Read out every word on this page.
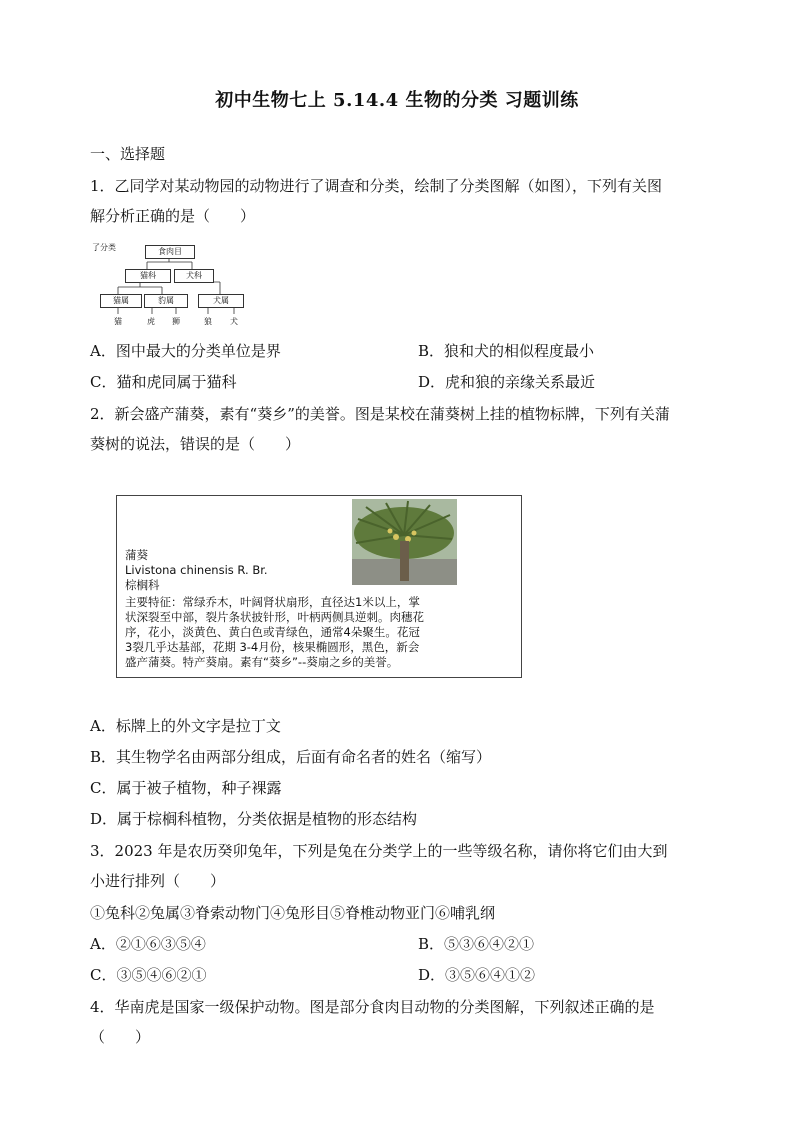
初中生物七上 5.14.4 生物的分类 习题训练
一、选择题
1．乙同学对某动物园的动物进行了调查和分类，绘制了分类图解（如图），下列有关图
解分析正确的是（　　）
了分类	食肉目
猫科	犬科
猫属	豹属	犬属
猫	虎 狮	狼 犬
A．图中最大的分类单位是界	B．狼和犬的相似程度最小
C．猫和虎同属于猫科	D．虎和狼的亲缘关系最近
2．新会盛产蒲葵，素有“葵乡”的美誉。图是某校在蒲葵树上挂的植物标牌，下列有关蒲
葵树的说法，错误的是（　　）
蒲葵
Livistona chinensis R. Br.
棕榈科
主要特征：常绿乔木，叶阔肾状扇形，直径达1米以上，掌
状深裂至中部，裂片条状披针形，叶柄两侧具逆刺。肉穗花
序，花小，淡黄色、黄白色或青绿色，通常4朵聚生。花冠
3裂几乎达基部，花期 3-4月份，核果椭圆形，黑色，新会
盛产蒲葵。特产葵扇。素有“葵乡”--葵扇之乡的美誉。
A．标牌上的外文字是拉丁文
B．其生物学名由两部分组成，后面有命名者的姓名（缩写）
C．属于被子植物，种子裸露
D．属于棕榈科植物，分类依据是植物的形态结构
3．2023 年是农历癸卯兔年，下列是兔在分类学上的一些等级名称，请你将它们由大到
小进行排列（　　）
①兔科②兔属③脊索动物门④兔形目⑤脊椎动物亚门⑥哺乳纲
A．②①⑥③⑤④	B．⑤③⑥④②①
C．③⑤④⑥②①	D．③⑤⑥④①②
4．华南虎是国家一级保护动物。图是部分食肉目动物的分类图解，下列叙述正确的是
（　　）
